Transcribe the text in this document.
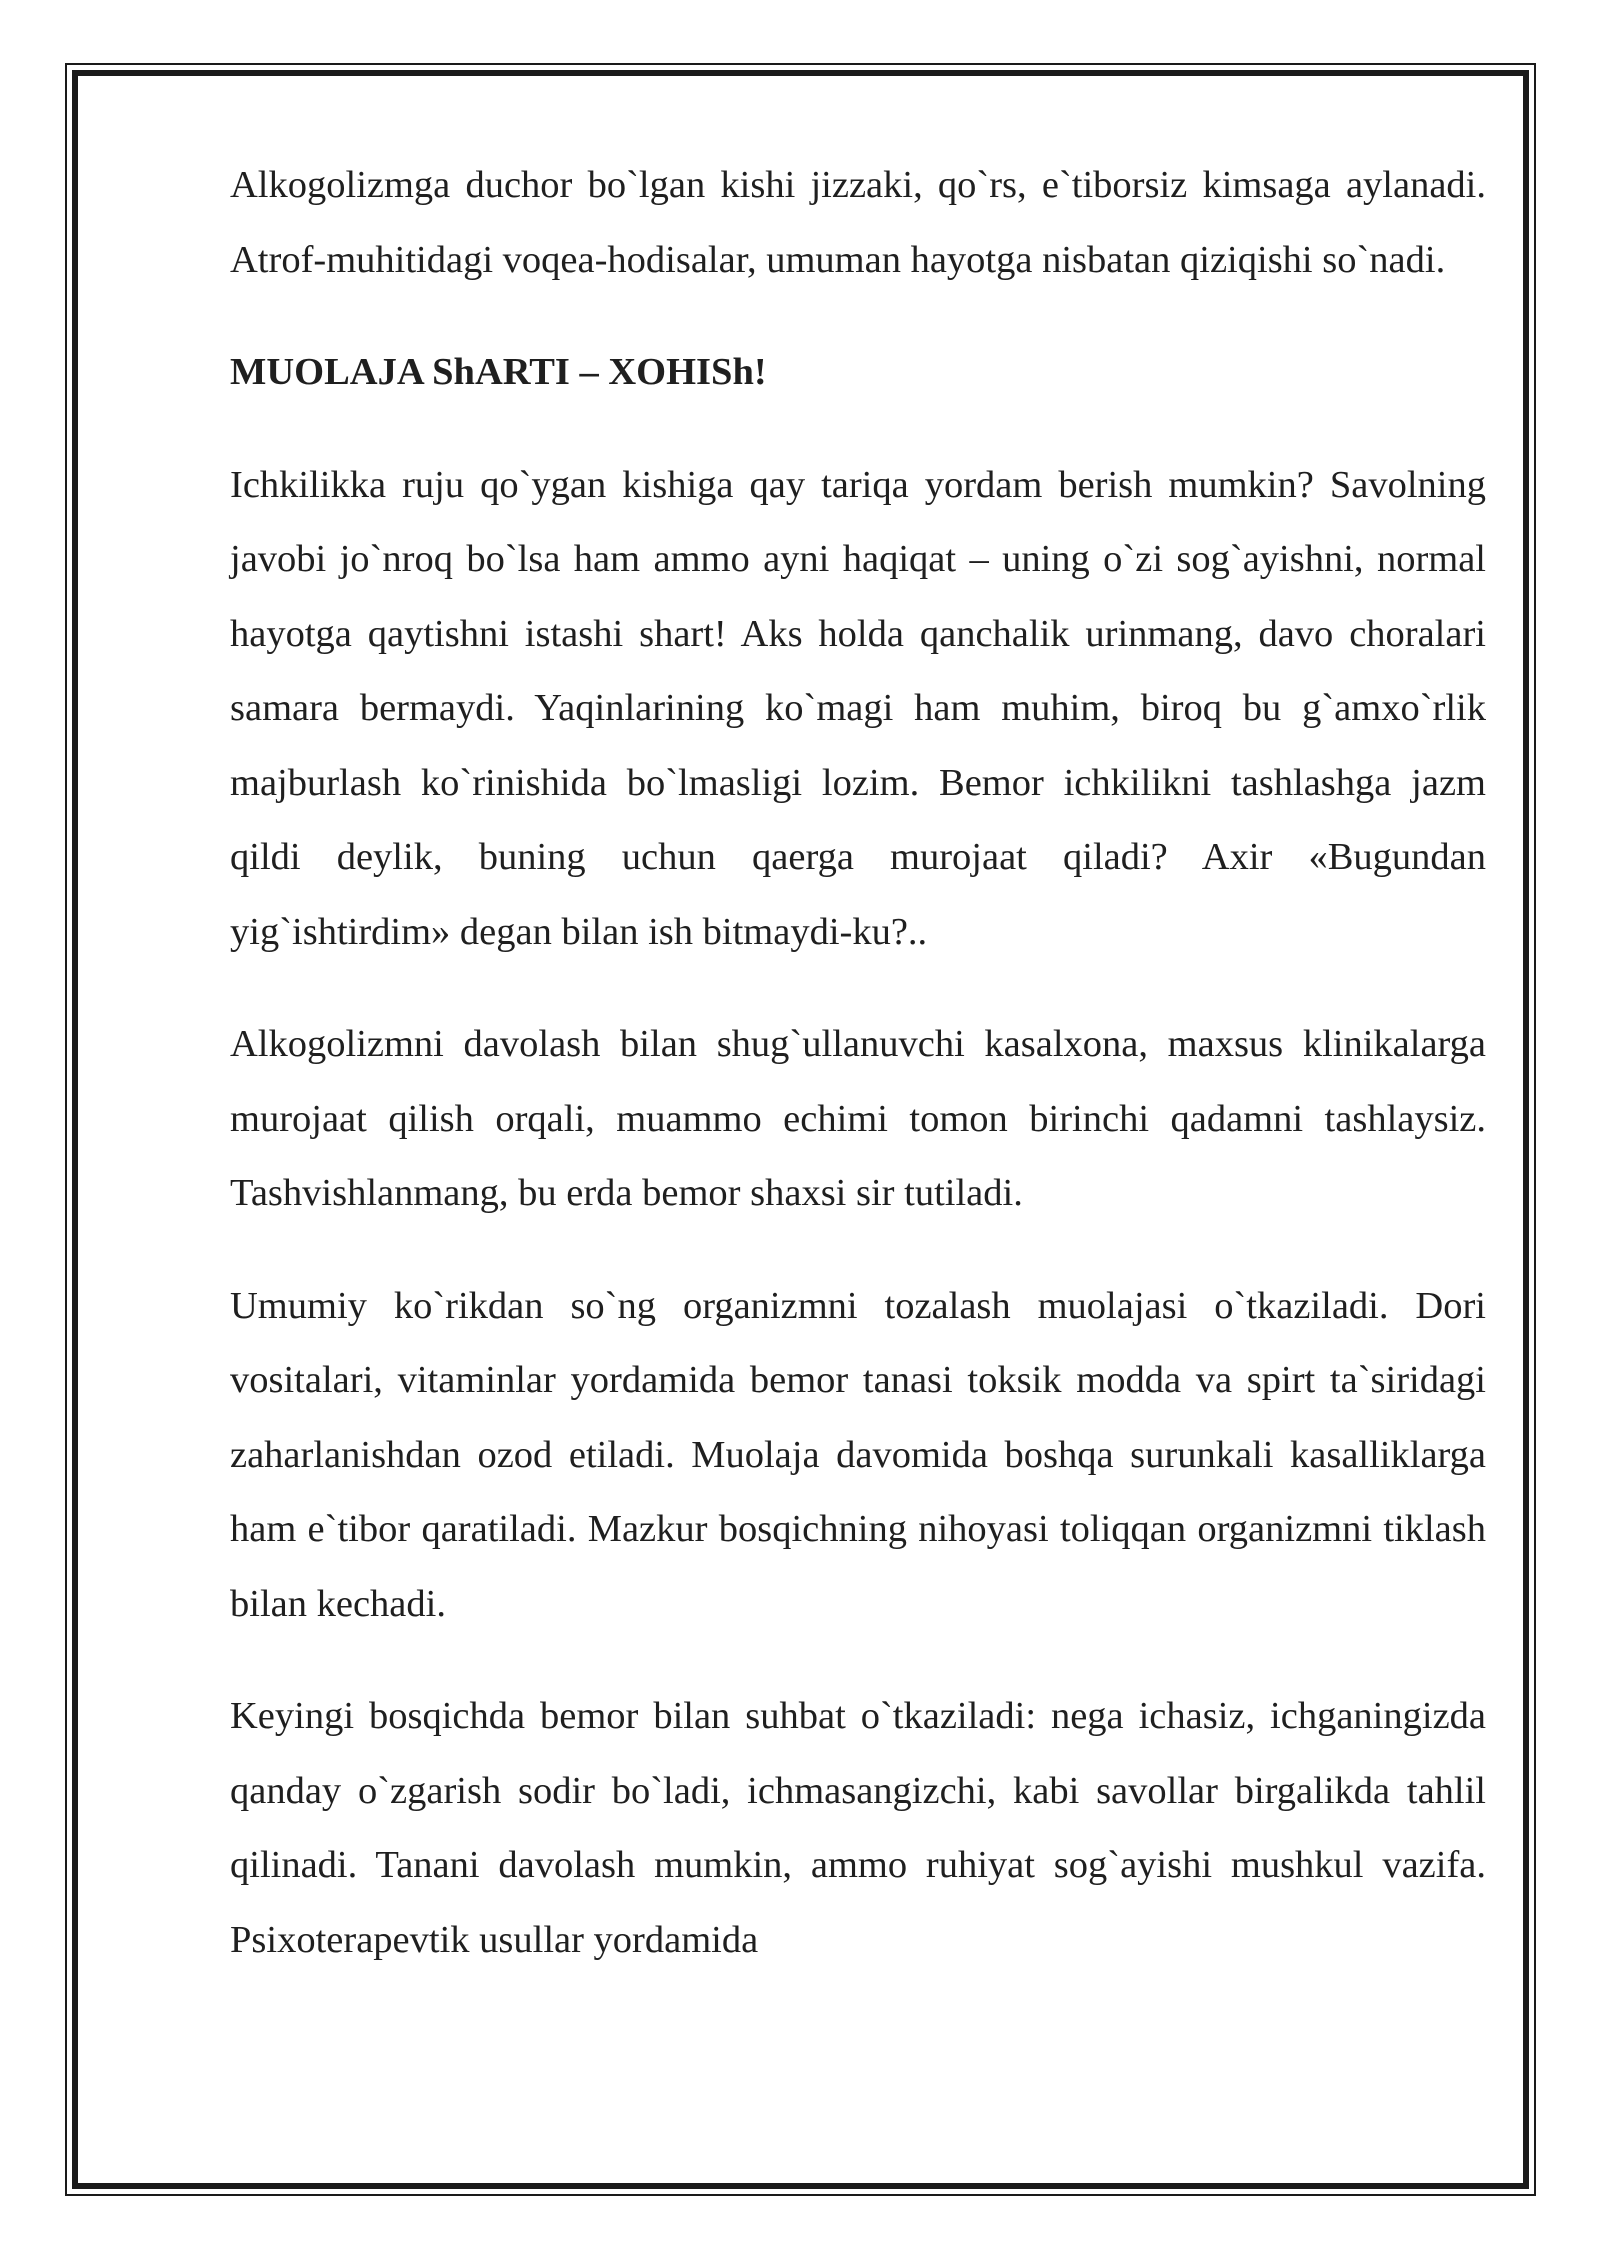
Alkogolizmga duchor bo`lgan kishi jizzaki, qo`rs, e`tiborsiz kimsaga aylanadi. Atrof-muhitidagi voqea-hodisalar, umuman hayotga nisbatan qiziqishi so`nadi.

MUOLAJA ShARTI – XOHISh!

Ichkilikka ruju qo`ygan kishiga qay tariqa yordam berish mumkin? Savolning javobi jo`nroq bo`lsa ham ammo ayni haqiqat – uning o`zi sog`ayishni, normal hayotga qaytishni istashi shart! Aks holda qanchalik urinmang, davo choralari samara bermaydi. Yaqinlarining ko`magi ham muhim, biroq bu g`amxo`rlik majburlash ko`rinishida bo`lmasligi lozim. Bemor ichkilikni tashlashga jazm qildi deylik, buning uchun qaerga murojaat qiladi? Axir «Bugundan yig`ishtirdim» degan bilan ish bitmaydi-ku?..

Alkogolizmni davolash bilan shug`ullanuvchi kasalxona, maxsus klinikalarga murojaat qilish orqali, muammo echimi tomon birinchi qadamni tashlaysiz. Tashvishlanmang, bu erda bemor shaxsi sir tutiladi.

Umumiy ko`rikdan so`ng organizmni tozalash muolajasi o`tkaziladi. Dori vositalari, vitaminlar yordamida bemor tanasi toksik modda va spirt ta`siridagi zaharlanishdan ozod etiladi. Muolaja davomida boshqa surunkali kasalliklarga ham e`tibor qaratiladi. Mazkur bosqichning nihoyasi toliqqan organizmni tiklash bilan kechadi.

Keyingi bosqichda bemor bilan suhbat o`tkaziladi: nega ichasiz, ichganingizda qanday o`zgarish sodir bo`ladi, ichmasangizchi, kabi savollar birgalikda tahlil qilinadi. Tanani davolash mumkin, ammo ruhiyat sog`ayishi mushkul vazifa. Psixoterapevtik usullar yordamida
